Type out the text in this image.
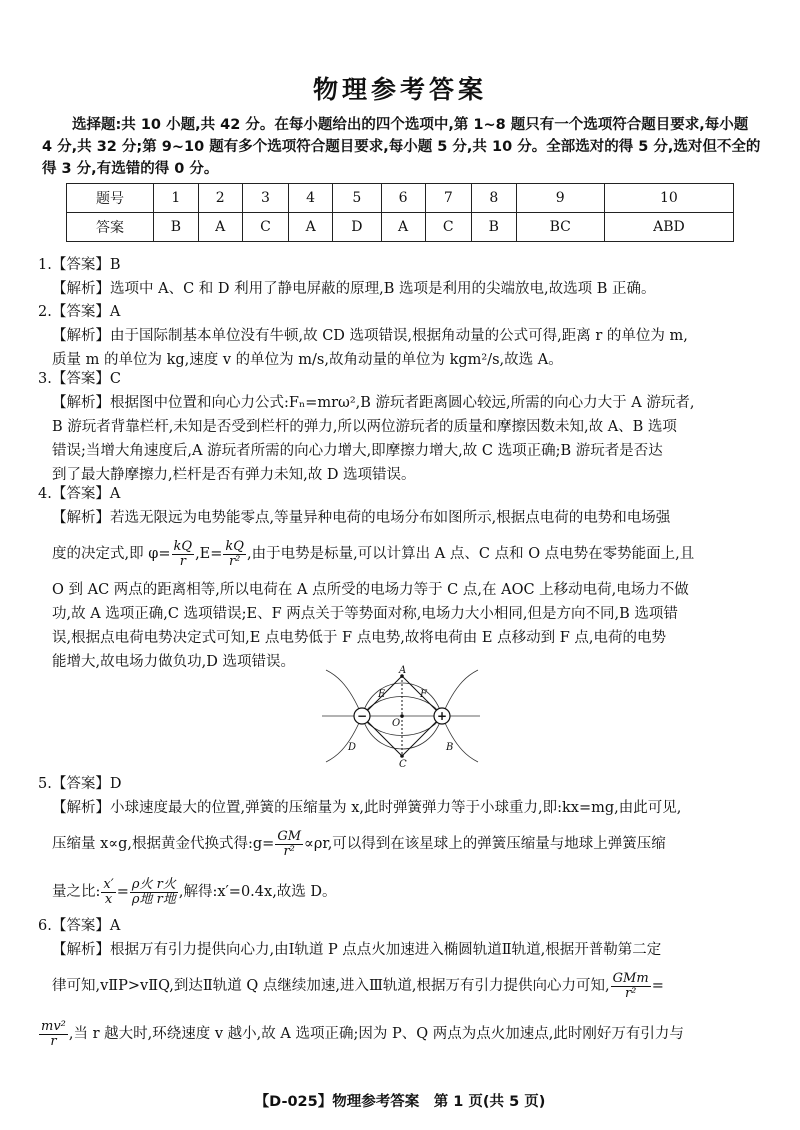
物理参考答案
选择题:共 10 小题,共 42 分。在每小题给出的四个选项中,第 1~8 题只有一个选项符合题目要求,每小题 4 分,共 32 分;第 9~10 题有多个选项符合题目要求,每小题 5 分,共 10 分。全部选对的得 5 分,选对但不全的得 3 分,有选错的得 0 分。
题号	1	2	3	4	5	6	7	8	9	10
答案	B	A	C	A	D	A	C	B	BC	ABD
1.【答案】B
【解析】选项中 A、C 和 D 利用了静电屏蔽的原理,B 选项是利用的尖端放电,故选项 B 正确。
2.【答案】A
【解析】由于国际制基本单位没有牛顿,故 CD 选项错误,根据角动量的公式可得,距离 r 的单位为 m,
质量 m 的单位为 kg,速度 v 的单位为 m/s,故角动量的单位为 kgm²/s,故选 A。
3.【答案】C
【解析】根据图中位置和向心力公式:Fₙ=mrω²,B 游玩者距离圆心较远,所需的向心力大于 A 游玩者,
B 游玩者背靠栏杆,未知是否受到栏杆的弹力,所以两位游玩者的质量和摩擦因数未知,故 A、B 选项
错误;当增大角速度后,A 游玩者所需的向心力增大,即摩擦力增大,故 C 选项正确;B 游玩者是否达
到了最大静摩擦力,栏杆是否有弹力未知,故 D 选项错误。
4.【答案】A
【解析】若选无限远为电势能零点,等量异种电荷的电场分布如图所示,根据点电荷的电势和电场强
度的决定式,即 $\varphi= \frac{kQ}{r} ,E= \frac{kQ}{\text{r²}}$ ,由于电势是标量,可以计算出 A 点、C 点和 O 点电势在零势能面上,且
O 到 AC 两点的距离相等,所以电荷在 A 点所受的电场力等于 C 点,在 AOC 上移动电荷,电场力不做
功,故 A 选项正确,C 选项错误;E、F 两点关于等势面对称,电场力大小相同,但是方向不同,B 选项错
误,根据点电荷电势决定式可知,E 点电势低于 F 点电势,故将电荷由 E 点移动到 F 点,电荷的电势
能增大,故电场力做负功,D 选项错误。
A
O
C
D	B
E	F
−	+
5.【答案】D
【解析】小球速度最大的位置,弹簧的压缩量为 x,此时弹簧弹力等于小球重力,即:kx=mg,由此可见,
压缩量 x∝g,根据黄金代换式得:g= $\frac{GM}{\text{r²}} \propto\rho r$,可以得到在该星球上的弹簧压缩量与地球上弹簧压缩
量之比: $\frac{x'}{x} = \frac{\text{ρ火 r火}}{\text{ρ地 r地}}$ ,解得:x′=0.4x,故选 D。
6.【答案】A
【解析】根据万有引力提供向心力,由Ⅰ轨道 P 点点火加速进入椭圆轨道Ⅱ轨道,根据开普勒第二定
律可知,vⅡP>vⅡQ,到达Ⅱ轨道 Q 点继续加速,进入Ⅲ轨道,根据万有引力提供向心力可知, $\frac{\text{GMm}}{\text{r²}}$ =
$\frac{\text{mv²}}{r}$ ,当 r 越大时,环绕速度 v 越小,故 A 选项正确;因为 P、Q 两点为点火加速点,此时刚好万有引力与
【D-025】物理参考答案　第 1 页(共 5 页)
